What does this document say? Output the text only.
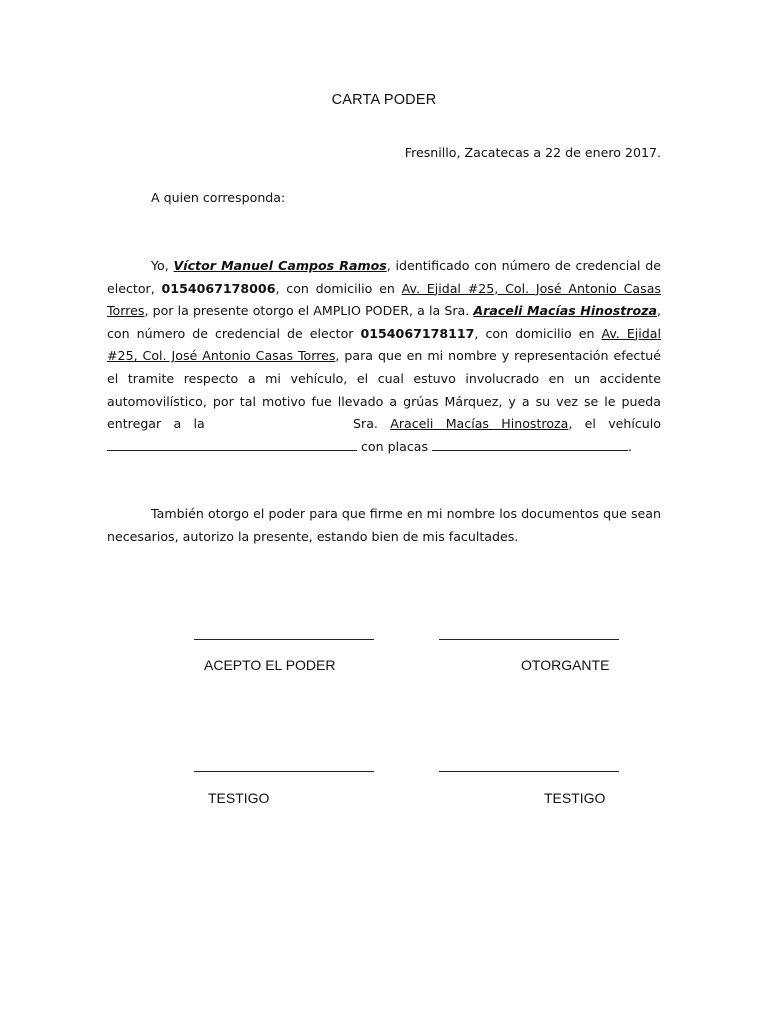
CARTA PODER
Fresnillo, Zacatecas a 22 de enero 2017.
A quien corresponda:
Yo, Víctor Manuel Campos Ramos, identificado con número de credencial de elector, 0154067178006, con domicilio en Av. Ejidal #25, Col. José Antonio Casas Torres, por la presente otorgo el AMPLIO PODER, a la Sra. Araceli Macías Hinostroza, con número de credencial de elector 0154067178117, con domicilio en Av. Ejidal #25, Col. José Antonio Casas Torres, para que en mi nombre y representación efectué el tramite respecto a mi vehículo, el cual estuvo involucrado en un accidente automovilístico, por tal motivo fue llevado a grúas Márquez, y a su vez se le pueda entregar a la	Sra. Araceli Macías Hinostroza, el vehículo  con placas	.
También otorgo el poder para que firme en mi nombre los documentos que sean necesarios, autorizo la presente, estando bien de mis facultades.
ACEPTO EL PODER	OTORGANTE
TESTIGO	TESTIGO
